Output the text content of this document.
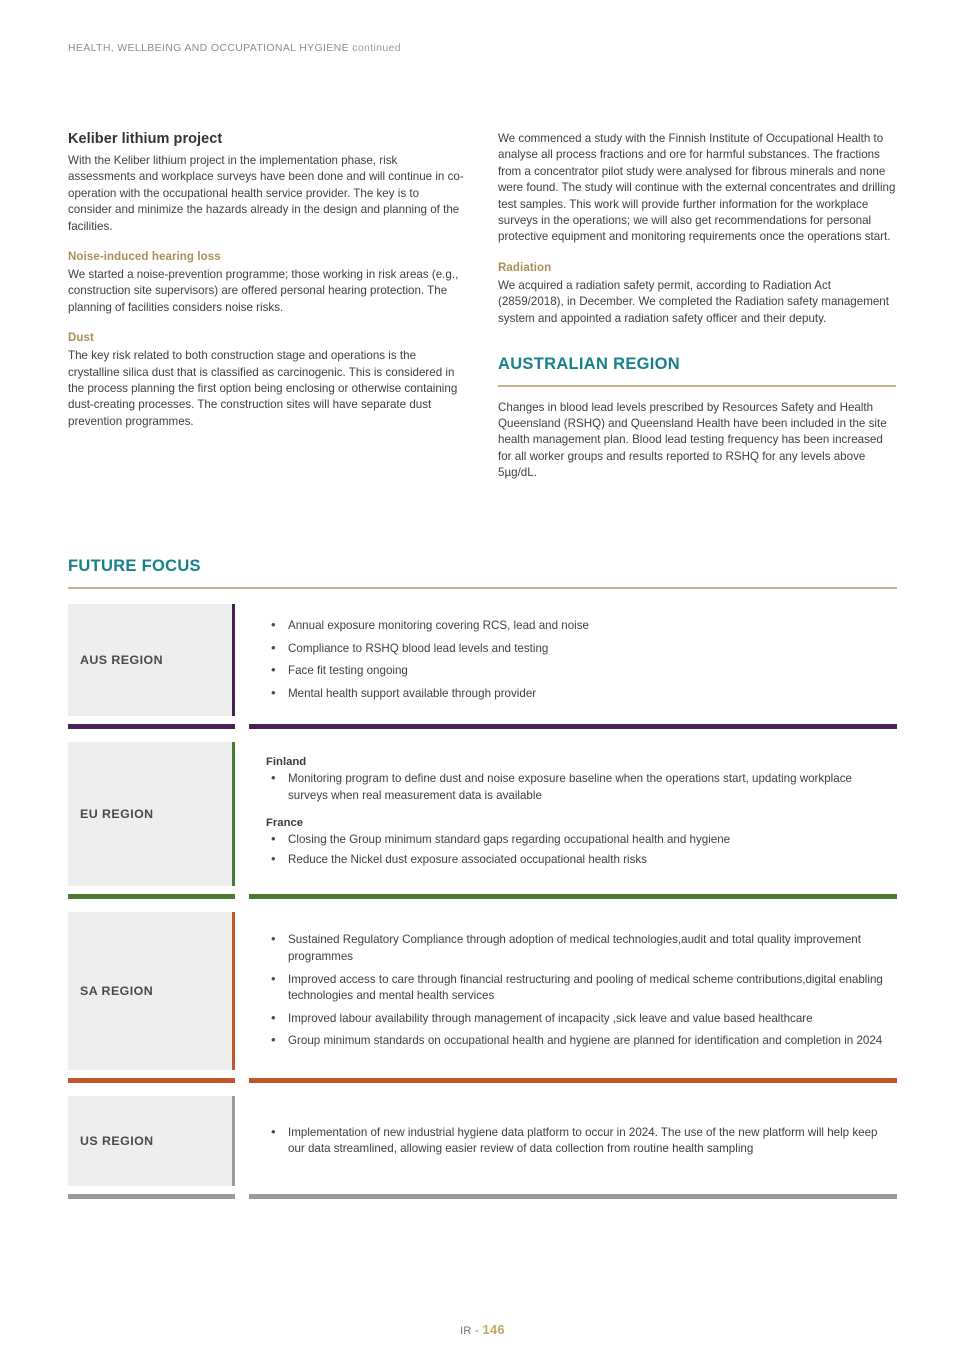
HEALTH, WELLBEING AND OCCUPATIONAL HYGIENE continued
Keliber lithium project

With the Keliber lithium project in the implementation phase, risk assessments and workplace surveys have been done and will continue in co-operation with the occupational health service provider. The key is to consider and minimize the hazards already in the design and planning of the facilities.

Noise-induced hearing loss

We started a noise-prevention programme; those working in risk areas (e.g., construction site supervisors) are offered personal hearing protection. The planning of facilities considers noise risks.

Dust

The key risk related to both construction stage and operations is the crystalline silica dust that is classified as carcinogenic. This is considered in the process planning the first option being enclosing or otherwise containing dust-creating processes. The construction sites will have separate dust prevention programmes.

We commenced a study with the Finnish Institute of Occupational Health to analyse all process fractions and ore for harmful substances. The fractions from a concentrator pilot study were analysed for fibrous minerals and none were found. The study will continue with the external concentrates and drilling test samples. This work will provide further information for the workplace surveys in the operations; we will also get recommendations for personal protective equipment and monitoring requirements once the operations start.

Radiation

We acquired a radiation safety permit, according to Radiation Act (2859/2018), in December. We completed the Radiation safety management system and appointed a radiation safety officer and their deputy.

AUSTRALIAN REGION

Changes in blood lead levels prescribed by Resources Safety and Health Queensland (RSHQ) and Queensland Health have been included in the site health management plan. Blood lead testing frequency has been increased for all worker groups and results reported to RSHQ for any levels above 5µg/dL.

FUTURE FOCUS
AUS REGION
• Annual exposure monitoring covering RCS, lead and noise
• Compliance to RSHQ blood lead levels and testing
• Face fit testing ongoing
• Mental health support available through provider
EU REGION
Finland
• Monitoring program to define dust and noise exposure baseline when the operations start, updating workplace surveys when real measurement data is available
France
• Closing the Group minimum standard gaps regarding occupational health and hygiene
• Reduce the Nickel dust exposure associated occupational health risks
SA REGION
• Sustained Regulatory Compliance through adoption of medical technologies,audit and total quality improvement programmes
• Improved access to care through financial restructuring and pooling of medical scheme contributions,digital enabling technologies and mental health services
• Improved labour availability through management of incapacity ,sick leave and value based healthcare
• Group minimum standards on occupational health and hygiene are planned for identification and completion in 2024
US REGION
• Implementation of new industrial hygiene data platform to occur in 2024. The use of the new platform will help keep our data streamlined, allowing easier review of data collection from routine health sampling
IR - 146
